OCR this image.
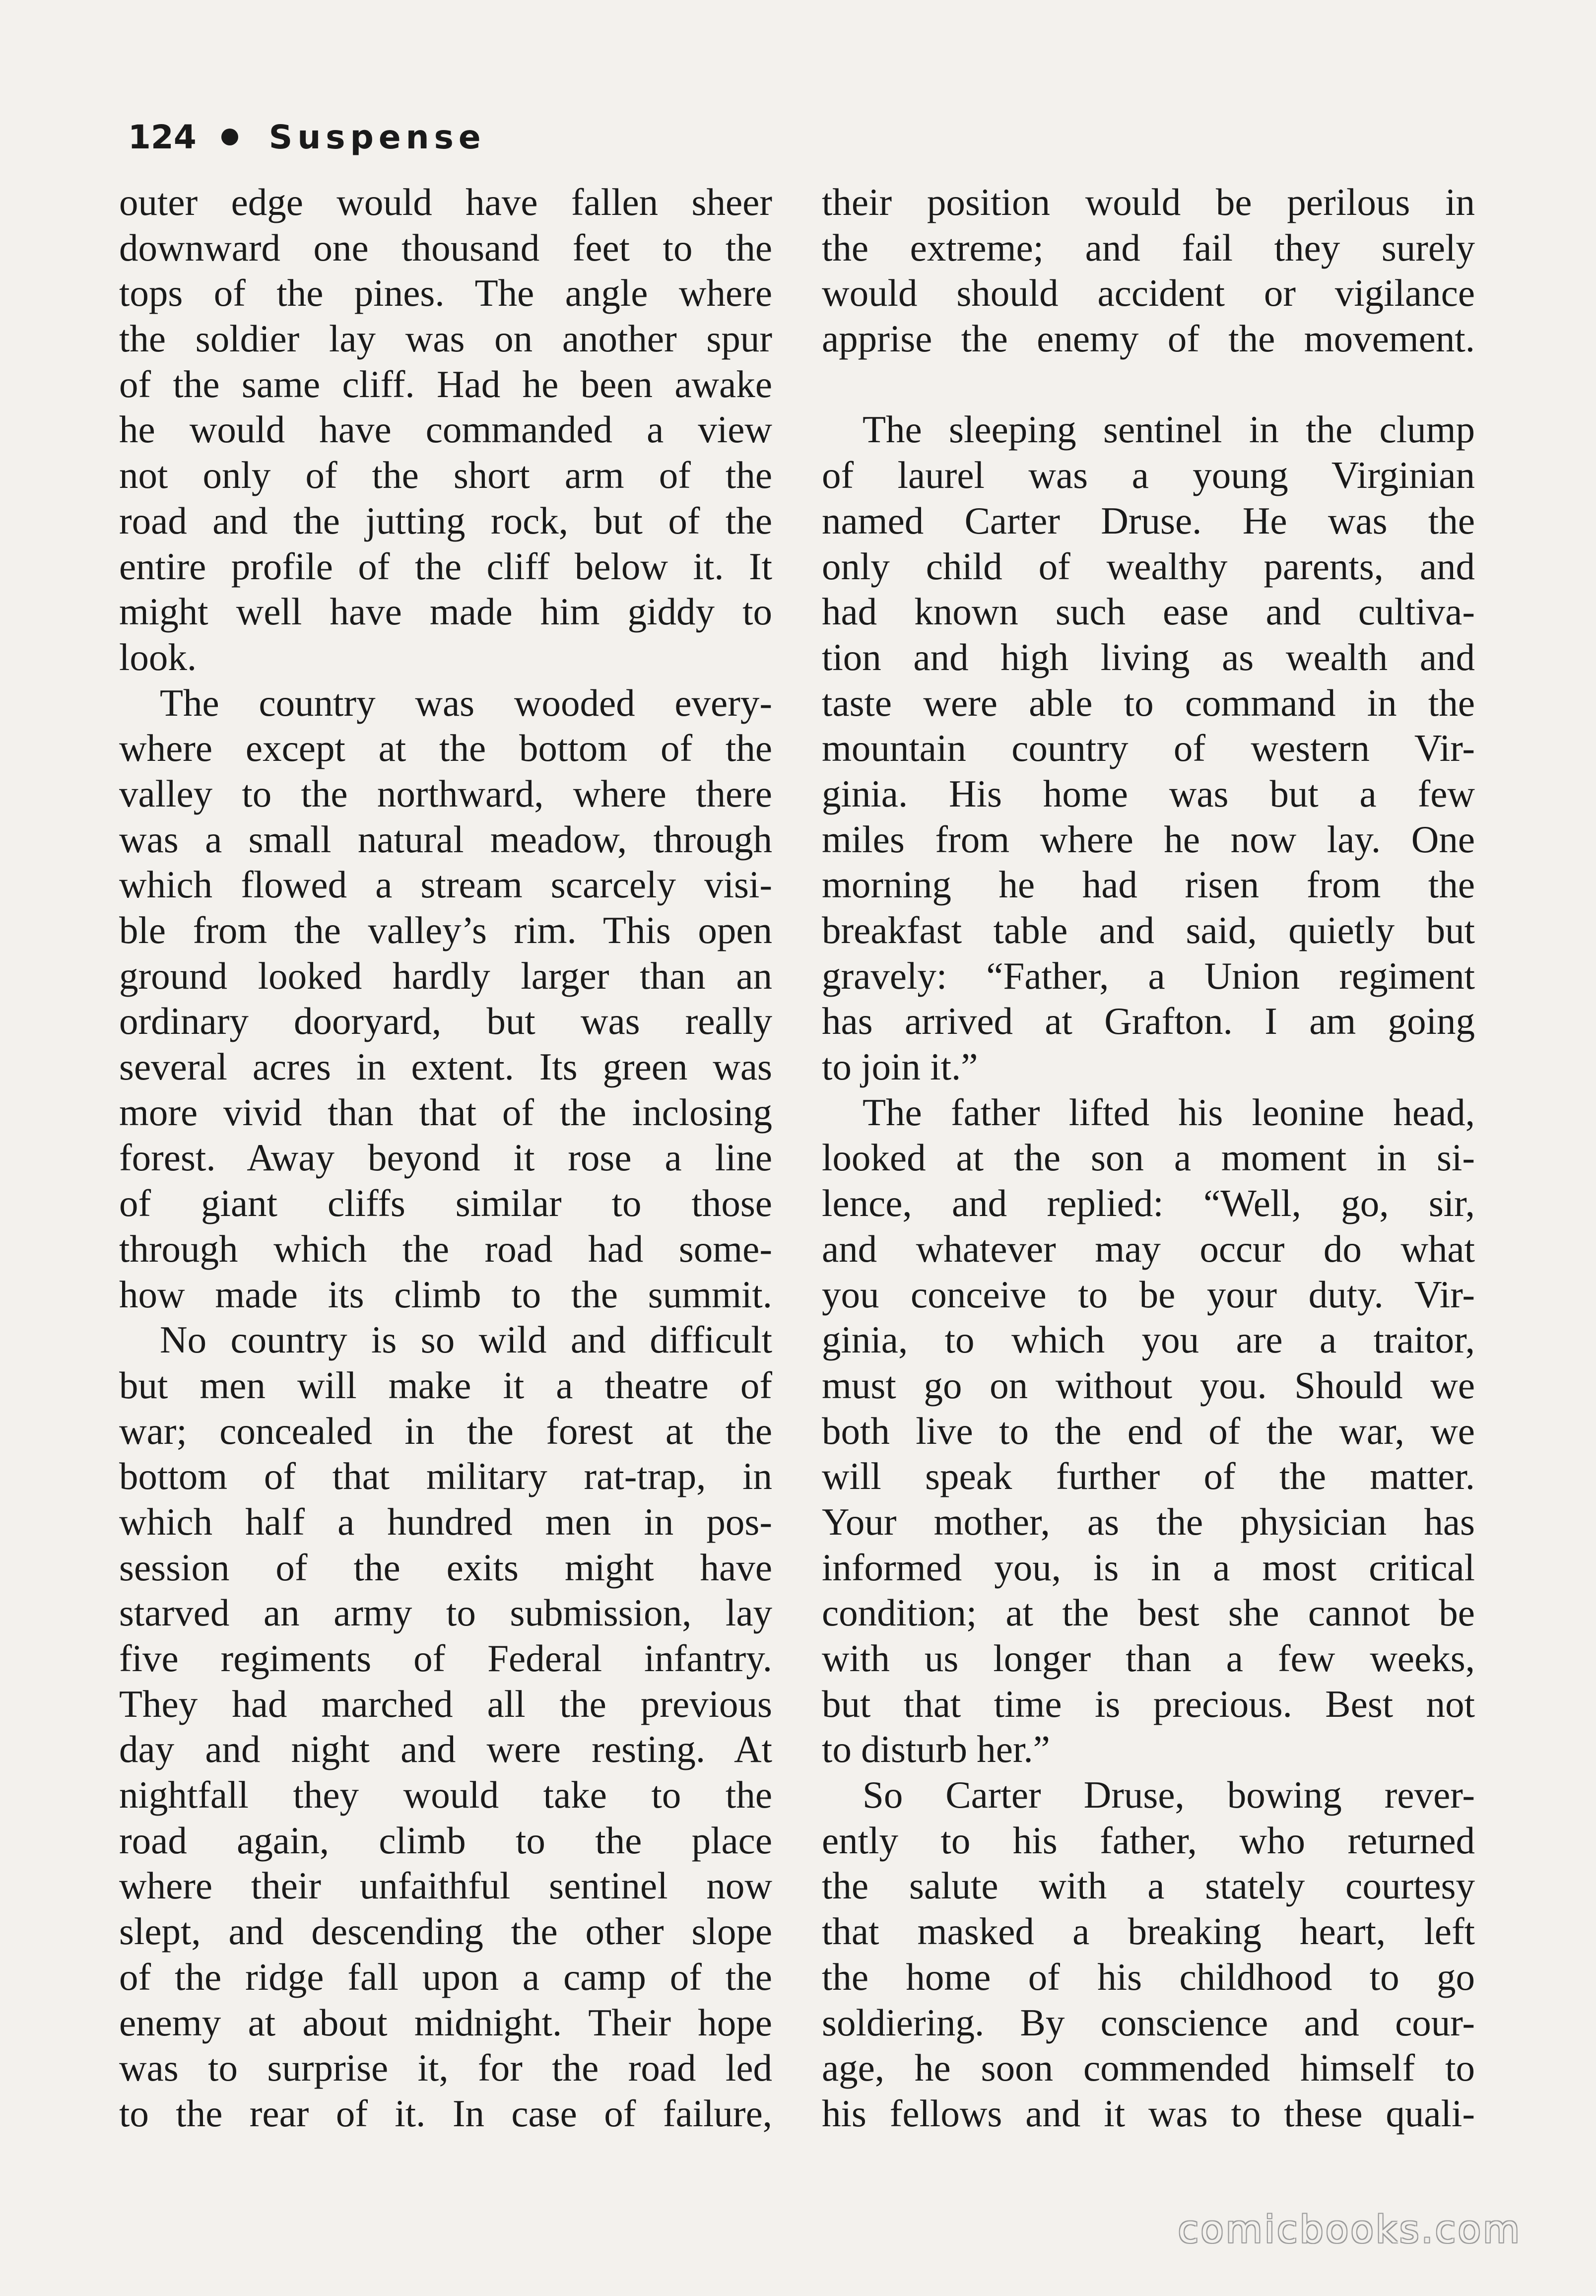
124 Suspense
outer edge would have fallen sheer
downward one thousand feet to the
tops of the pines. The angle where
the soldier lay was on another spur
of the same cliff. Had he been awake
he would have commanded a view
not only of the short arm of the
road and the jutting rock, but of the
entire profile of the cliff below it. It
might well have made him giddy to
look.
The country was wooded every-
where except at the bottom of the
valley to the northward, where there
was a small natural meadow, through
which flowed a stream scarcely visi-
ble from the valley’s rim. This open
ground looked hardly larger than an
ordinary dooryard, but was really
several acres in extent. Its green was
more vivid than that of the inclosing
forest. Away beyond it rose a line
of giant cliffs similar to those
through which the road had some-
how made its climb to the summit.
No country is so wild and difficult
but men will make it a theatre of
war; concealed in the forest at the
bottom of that military rat-trap, in
which half a hundred men in pos-
session of the exits might have
starved an army to submission, lay
five regiments of Federal infantry.
They had marched all the previous
day and night and were resting. At
nightfall they would take to the
road again, climb to the place
where their unfaithful sentinel now
slept, and descending the other slope
of the ridge fall upon a camp of the
enemy at about midnight. Their hope
was to surprise it, for the road led
to the rear of it. In case of failure,
their position would be perilous in
the extreme; and fail they surely
would should accident or vigilance
apprise the enemy of the movement.
The sleeping sentinel in the clump
of laurel was a young Virginian
named Carter Druse. He was the
only child of wealthy parents, and
had known such ease and cultiva-
tion and high living as wealth and
taste were able to command in the
mountain country of western Vir-
ginia. His home was but a few
miles from where he now lay. One
morning he had risen from the
breakfast table and said, quietly but
gravely: “Father, a Union regiment
has arrived at Grafton. I am going
to join it.”
The father lifted his leonine head,
looked at the son a moment in si-
lence, and replied: “Well, go, sir,
and whatever may occur do what
you conceive to be your duty. Vir-
ginia, to which you are a traitor,
must go on without you. Should we
both live to the end of the war, we
will speak further of the matter.
Your mother, as the physician has
informed you, is in a most critical
condition; at the best she cannot be
with us longer than a few weeks,
but that time is precious. Best not
to disturb her.”
So Carter Druse, bowing rever-
ently to his father, who returned
the salute with a stately courtesy
that masked a breaking heart, left
the home of his childhood to go
soldiering. By conscience and cour-
age, he soon commended himself to
his fellows and it was to these quali-
comicbooks.com
